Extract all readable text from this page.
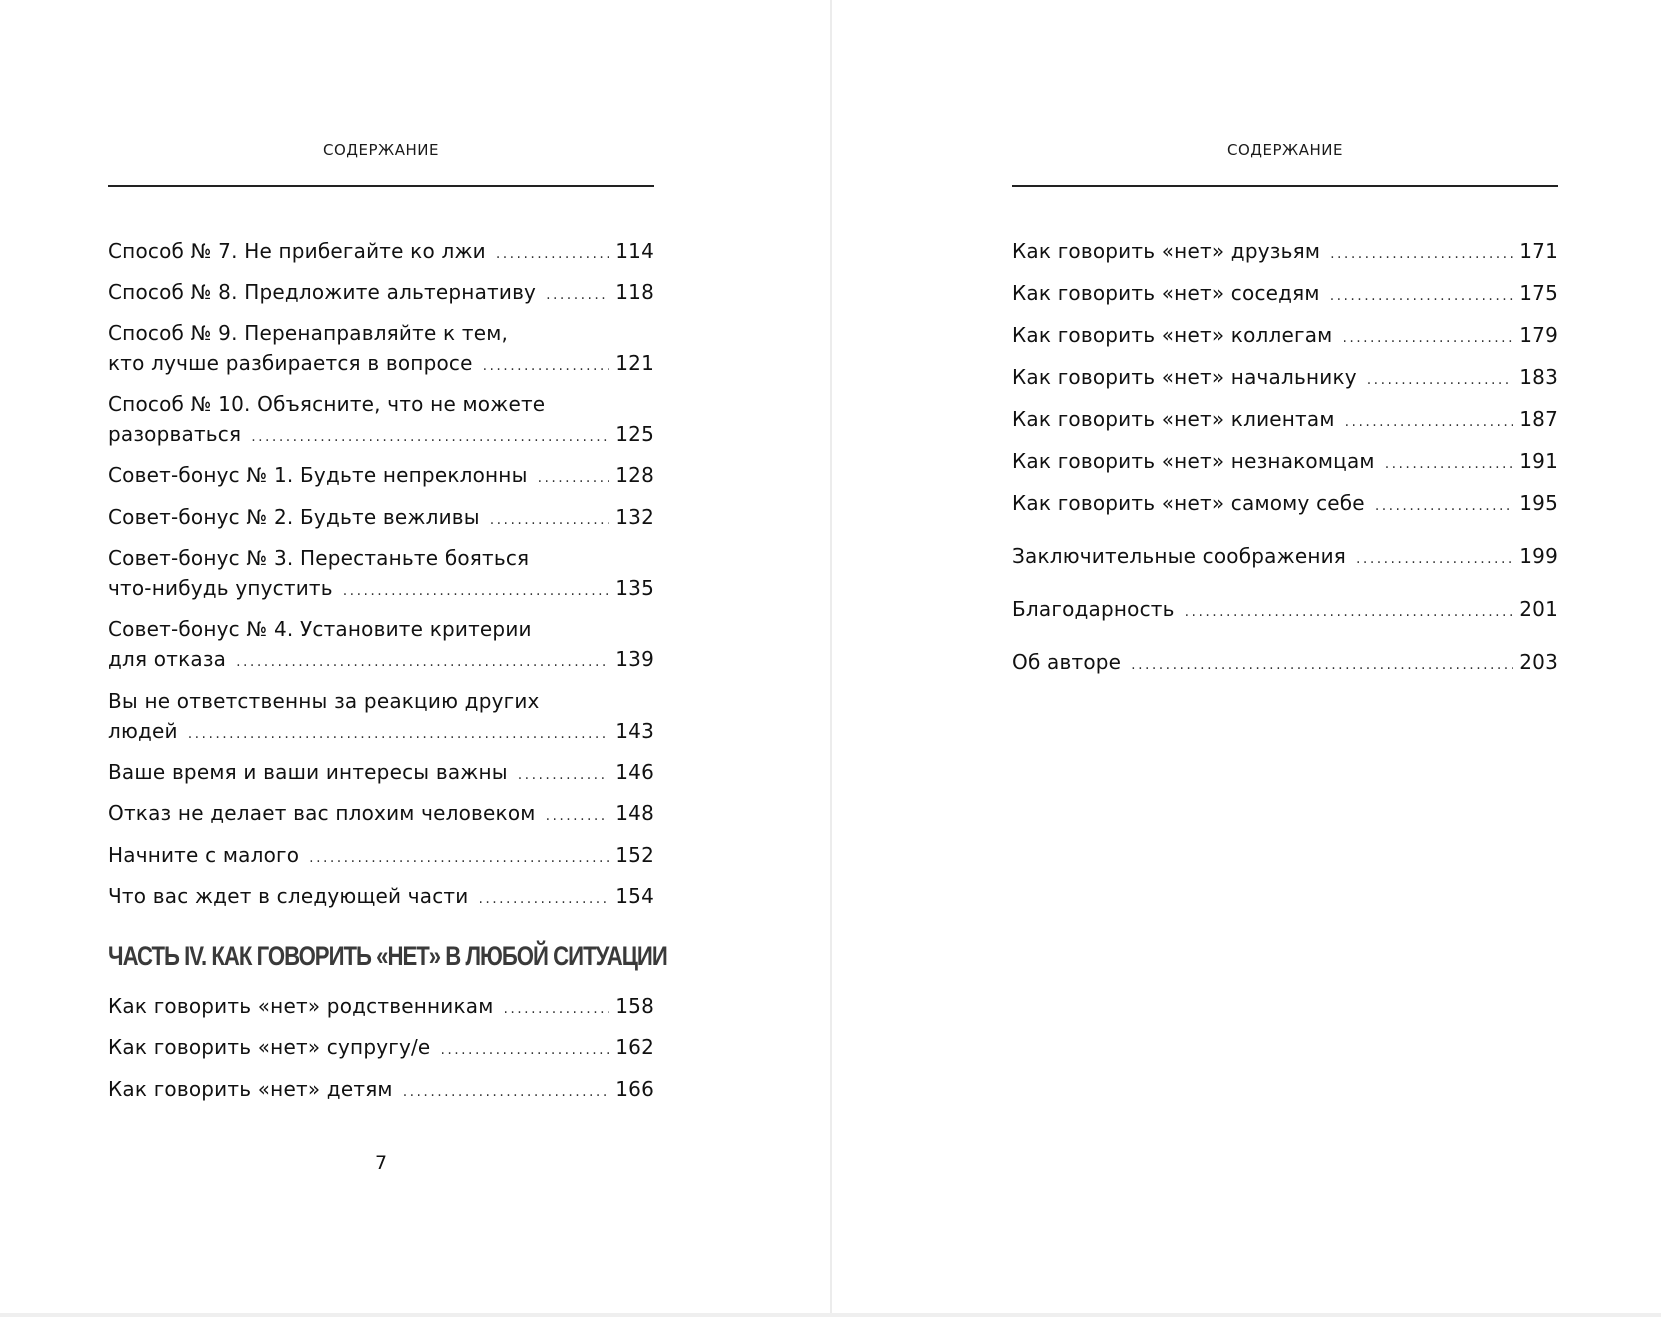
СОДЕРЖАНИЕ
Способ № 7. Не прибегайте ко лжи . . .	114
Способ № 8. Предложите альтернативу . . .	118
Способ № 9. Перенаправляйте к тем,
кто лучше разбирается в вопросе . . .	121
Способ № 10. Объясните, что не можете
разорваться . . .	125
Совет-бонус № 1. Будьте непреклонны . . .	128
Совет-бонус № 2. Будьте вежливы . . .	132
Совет-бонус № 3. Перестаньте бояться
что-нибудь упустить . . .	135
Совет-бонус № 4. Установите критерии
для отказа . . .	139
Вы не ответственны за реакцию других
людей . . .	143
Ваше время и ваши интересы важны . . .	146
Отказ не делает вас плохим человеком . . .	148
Начните с малого . . .	152
Что вас ждет в следующей части . . .	154
ЧАСТЬ IV. КАК ГОВОРИТЬ «НЕТ» В ЛЮБОЙ СИТУАЦИИ
Как говорить «нет» родственникам . . .	158
Как говорить «нет» супругу/е . . .	162
Как говорить «нет» детям . . .	166
7
СОДЕРЖАНИЕ
Как говорить «нет» друзьям . . .	171
Как говорить «нет» соседям . . .	175
Как говорить «нет» коллегам . . .	179
Как говорить «нет» начальнику . . .	183
Как говорить «нет» клиентам . . .	187
Как говорить «нет» незнакомцам . . .	191
Как говорить «нет» самому себе . . .	195
Заключительные соображения . . .	199
Благодарность . . .	201
Об авторе . . .	203
